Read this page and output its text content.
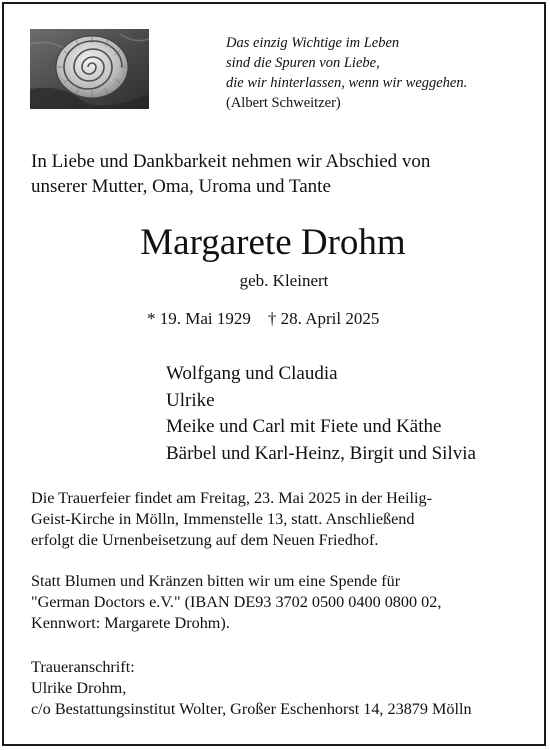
Das einzig Wichtige im Leben
sind die Spuren von Liebe,
die wir hinterlassen, wenn wir weggehen.
(Albert Schweitzer)
In Liebe und Dankbarkeit nehmen wir Abschied von
unserer Mutter, Oma, Uroma und Tante
Margarete Drohm
geb. Kleinert
* 19. Mai 1929    † 28. April 2025
Wolfgang und Claudia
Ulrike
Meike und Carl mit Fiete und Käthe
Bärbel und Karl-Heinz, Birgit und Silvia
Die Trauerfeier findet am Freitag, 23. Mai 2025 in der Heilig-
Geist-Kirche in Mölln, Immenstelle 13, statt. Anschließend
erfolgt die Urnenbeisetzung auf dem Neuen Friedhof.
Statt Blumen und Kränzen bitten wir um eine Spende für
"German Doctors e.V." (IBAN DE93 3702 0500 0400 0800 02,
Kennwort: Margarete Drohm).
Traueranschrift:
Ulrike Drohm,
c/o Bestattungsinstitut Wolter, Großer Eschenhorst 14, 23879 Mölln
